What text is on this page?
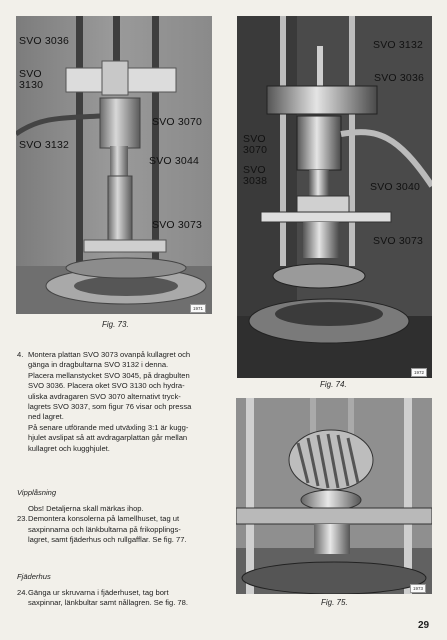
SVO 3036
SVO
3130
SVO 3132
SVO 3070
SVO 3044
SVO 3073
1971
Fig. 73.
SVO 3132
SVO 3036
SVO
3070
SVO
3038	SVO 3040
SVO 3073
1972
Fig. 74.
1973
Fig. 75.
4. Montera plattan SVO 3073 ovanpå kullagret och

gänga in dragbultarna SVO 3132 i denna.

Placera mellanstycket SVO 3045, på dragbulten

SVO 3036. Placera oket SVO 3130 och hydra-

uliska avdragaren SVO 3070 alternativt tryck-

lagrets SVO 3037, som figur 76 visar och pressa

ned lagret.

På senare utförande med utväxling 3:1 är kugg-

hjulet avslipat så att avdragarplattan går mellan

kullagret och kugghjulet.

Vipplåsning

Obs! Detaljerna skall märkas ihop.

23. Demontera konsolerna på lamellhuset, tag ut

saxpinnarna och länkbultarna på frikopplings-

lagret, samt fjäderhus och rullgafflar. Se fig. 77.

Fjäderhus
24. Gänga ur skruvarna i fjäderhuset, tag bort

saxpinnar, länkbultar samt nållagren. Se fig. 78.

29
